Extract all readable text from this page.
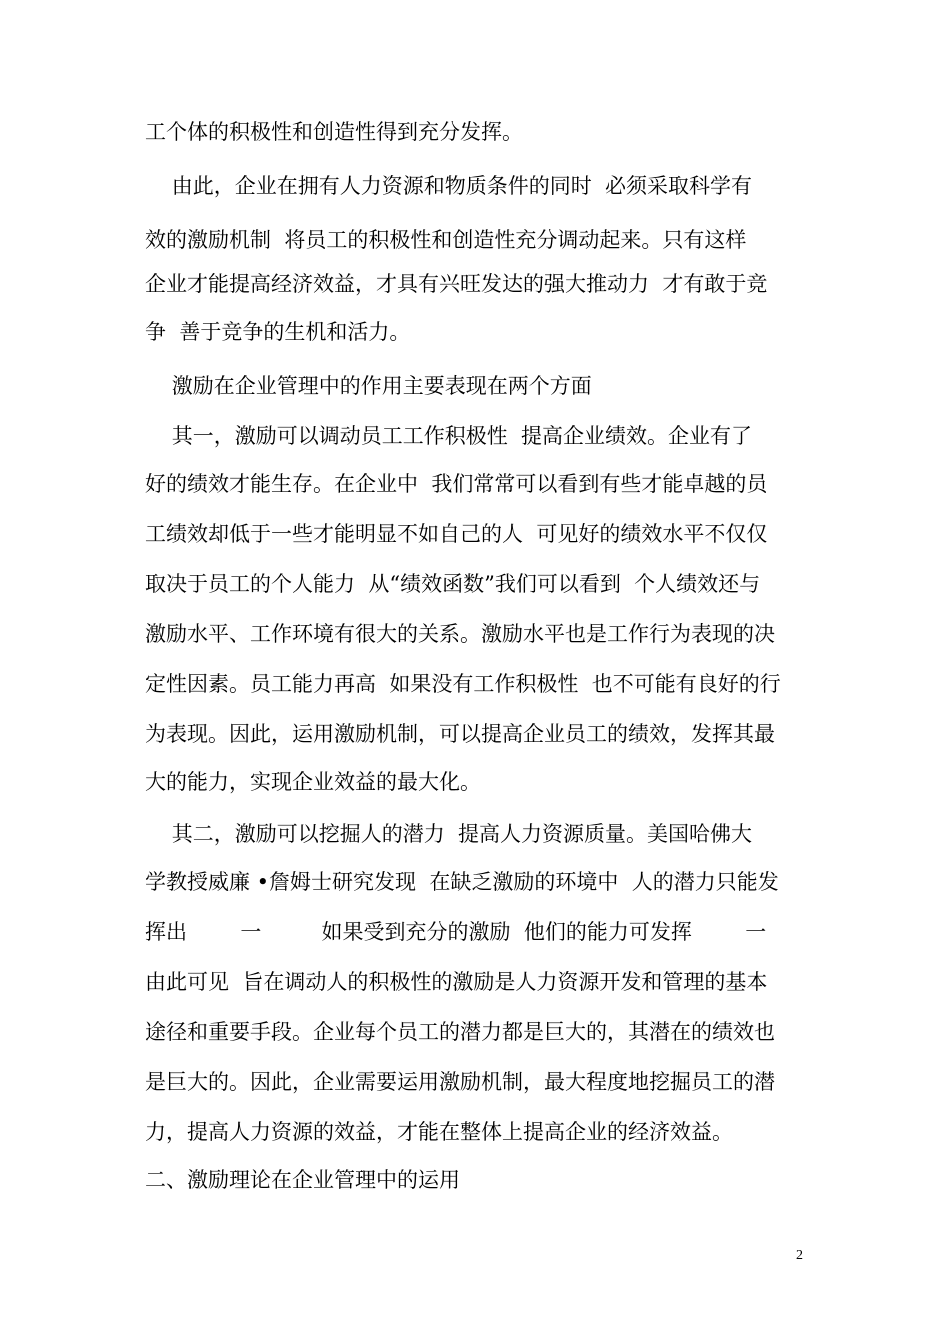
工个体的积极性和创造性得到充分发挥。
由此，企业在拥有人力资源和物质条件的同时  必须采取科学有
效的激励机制  将员工的积极性和创造性充分调动起来。只有这样
企业才能提高经济效益，才具有兴旺发达的强大推动力  才有敢于竞
争  善于竞争的生机和活力。
激励在企业管理中的作用主要表现在两个方面
其一，激励可以调动员工工作积极性  提高企业绩效。企业有了
好的绩效才能生存。在企业中  我们常常可以看到有些才能卓越的员
工绩效却低于一些才能明显不如自己的人  可见好的绩效水平不仅仅
取决于员工的个人能力  从“绩效函数”我们可以看到  个人绩效还与
激励水平、工作环境有很大的关系。激励水平也是工作行为表现的决
定性因素。员工能力再高  如果没有工作积极性  也不可能有良好的行
为表现。因此，运用激励机制，可以提高企业员工的绩效，发挥其最
大的能力，实现企业效益的最大化。
其二，激励可以挖掘人的潜力  提高人力资源质量。美国哈佛大
学教授威廉 •詹姆士研究发现  在缺乏激励的环境中  人的潜力只能发
挥出        一         如果受到充分的激励  他们的能力可发挥        一
由此可见  旨在调动人的积极性的激励是人力资源开发和管理的基本
途径和重要手段。企业每个员工的潜力都是巨大的，其潜在的绩效也
是巨大的。因此，企业需要运用激励机制，最大程度地挖掘员工的潜
力，提高人力资源的效益，才能在整体上提高企业的经济效益。
二、激励理论在企业管理中的运用
2
